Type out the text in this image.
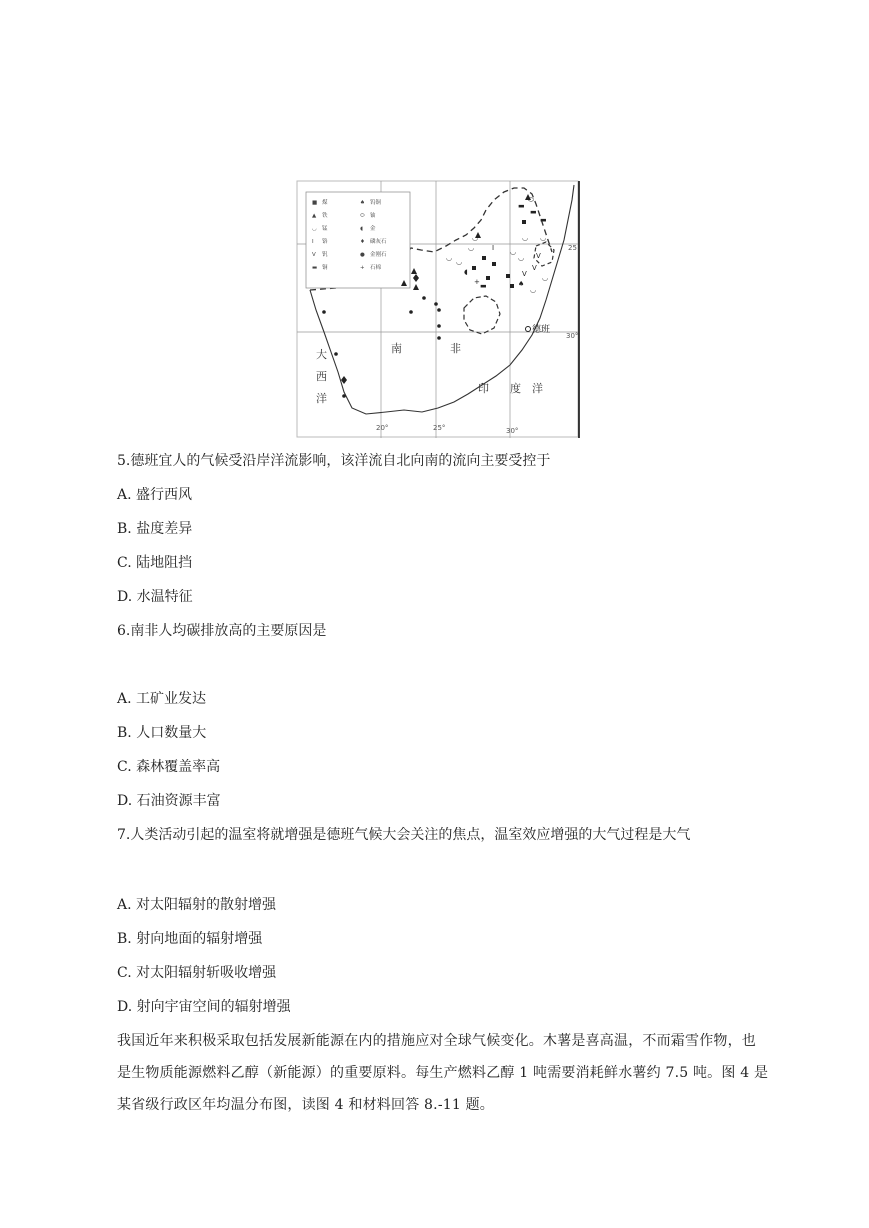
■ 煤
▲ 铁
◡ 锰
I 铬
V 钒
▬ 铜
♠ 钨铜
⬭ 铀
◖ 金
♦ 磷灰石
● 金刚石
+ 石棉
◡ ◡
◡
◡
◡
◡
◡
◡
▬
▬
▬
V
V
⬭
I
◖
+	♠
V
◡
◡
▬
南	非
大
西
洋
印 度 洋
德班
20°	25°	30°
25
30°
5.德班宜人的气候受沿岸洋流影响，该洋流自北向南的流向主要受控于
A. 盛行西风
B. 盐度差异
C. 陆地阻挡
D. 水温特征
6.南非人均碳排放高的主要原因是
A. 工矿业发达
B. 人口数量大
C. 森林覆盖率高
D. 石油资源丰富
7.人类活动引起的温室将就增强是德班气候大会关注的焦点，温室效应增强的大气过程是大气
A. 对太阳辐射的散射增强
B. 射向地面的辐射增强
C. 对太阳辐射斩吸收增强
D. 射向宇宙空间的辐射增强
我国近年来积极采取包括发展新能源在内的措施应对全球气候变化。木薯是喜高温，不而霜雪作物，也是生物质能源燃料乙醇（新能源）的重要原料。每生产燃料乙醇 1 吨需要消耗鲜水薯约 7.5 吨。图 4 是某省级行政区年均温分布图，读图 4 和材料回答 8.-11 题。
